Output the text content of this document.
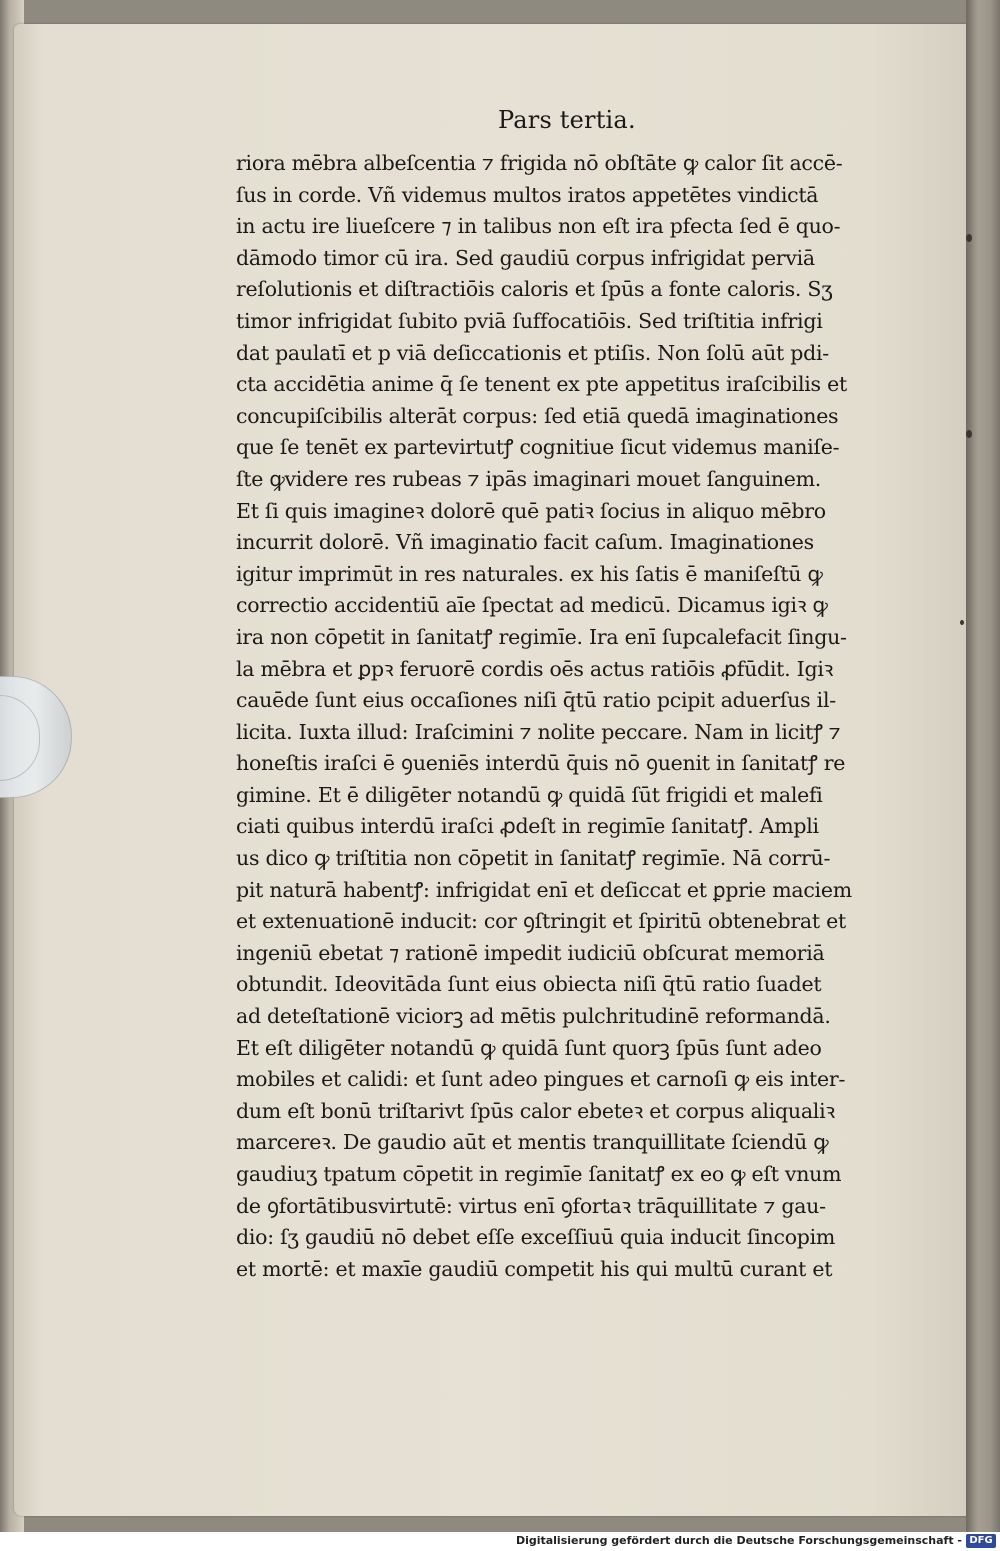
Pars tertia.
riora mēbra albeſcentia ⁊ frigida nō obſtāte ꝙ calor ſit accē-
ſus in corde. Vñ videmus multos iratos appetētes vindictā
in actu ire liueſcere ⁊ in talibus non eſt ira pfecta ſed ē quo-
dāmodo timor cū ira. Sed gaudiū corpus infrigidat perviā
reſolutionis et diſtractiōis caloris et ſpūs a fonte caloris. Sʒ
timor infrigidat ſubito pviā ſuffocatiōis. Sed triſtitia infrigi
dat paulatī et p viā deſiccationis et ptiſis. Non ſolū aūt pdi-
cta accidētia anime q̄ ſe tenent ex pte appetitus iraſcibilis et
concupiſcibilis alterāt corpus: ſed etiā quedā imaginationes
que ſe tenēt ex partevirtutꝭ cognitiue ſicut videmus maniſe-
ſte ꝙvidere res rubeas ⁊ ipās imaginari mouet ſanguinem.
Et ſi quis imagineꝛ dolorē quē patiꝛ ſocius in aliquo mēbro
incurrit dolorē. Vñ imaginatio facit caſum. Imaginationes
igitur imprimūt in res naturales. ex his ſatis ē maniſeſtū ꝙ
correctio accidentiū aīe ſpectat ad medicū. Dicamus igiꝛ ꝙ
ira non cōpetit in ſanitatꝭ regimīe. Ira enī ſupcalefacit ſingu-
la mēbra et ꝑpꝛ feruorē cordis oēs actus ratiōis ꝓfūdit. Igiꝛ
cauēde ſunt eius occaſiones niſi q̄tū ratio pcipit aduerſus il-
licita. Iuxta illud: Iraſcimini ⁊ nolite peccare. Nam in licitꝭ ⁊
honeſtis iraſci ē ꝯueniēs interdū q̄uis nō ꝯuenit in ſanitatꝭ re
gimine. Et ē diligēter notandū ꝙ quidā ſūt frigidi et malefi
ciati quibus interdū iraſci ꝓdeſt in regimīe ſanitatꝭ. Ampli
us dico ꝙ triſtitia non cōpetit in ſanitatꝭ regimīe. Nā corrū-
pit naturā habentꝭ: infrigidat enī et deſiccat et ꝑprie maciem
et extenuationē inducit: cor ꝯſtringit et ſpiritū obtenebrat et
ingeniū ebetat ⁊ rationē impedit iudiciū obſcurat memoriā
obtundit. Ideovitāda ſunt eius obiecta niſi q̄tū ratio ſuadet
ad deteſtationē viciorꝫ ad mētis pulchritudinē reformandā.
Et eſt diligēter notandū ꝙ quidā ſunt quorꝫ ſpūs ſunt adeo
mobiles et calidi: et ſunt adeo pingues et carnoſi ꝙ eis inter-
dum eſt bonū triſtarivt ſpūs calor ebeteꝛ et corpus aliqualiꝛ
marcereꝛ. De gaudio aūt et mentis tranquillitate ſciendū ꝙ
gaudiuʒ tpatum cōpetit in regimīe ſanitatꝭ ex eo ꝙ eſt vnum
de ꝯfortātibusvirtutē: virtus enī ꝯfortaꝛ trāquillitate ⁊ gau-
dio: ſʒ gaudiū nō debet eſſe exceſſiuū quia inducit ſincopim
et mortē: et maxīe gaudiū competit his qui multū curant et
Digitalisierung gefördert durch die Deutsche Forschungsgemeinschaft - DFG
